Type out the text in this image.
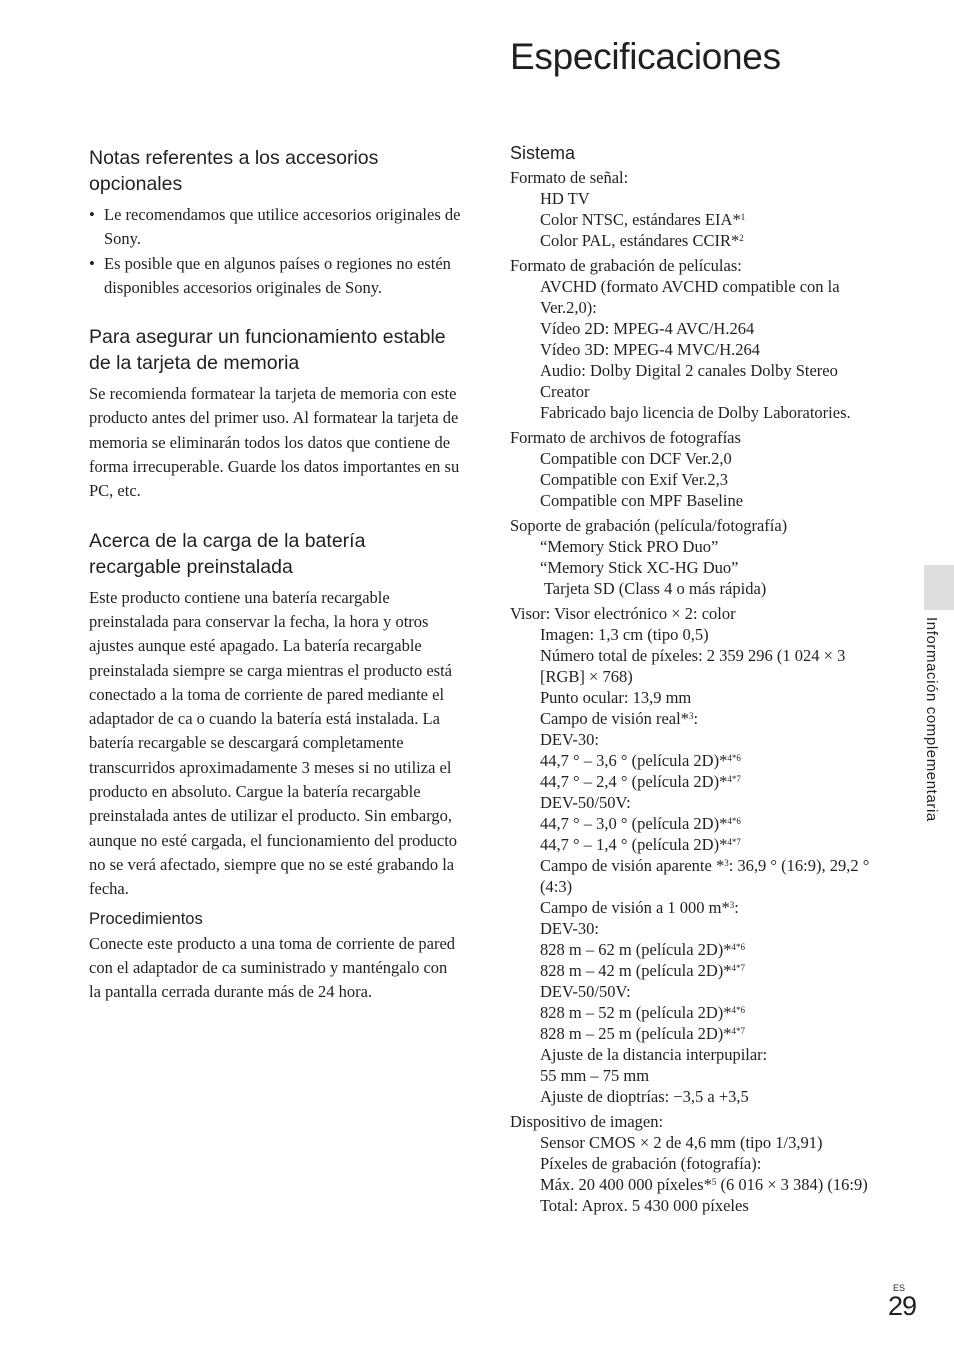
Especificaciones
Notas referentes a los accesorios opcionales
• Le recomendamos que utilice accesorios originales de Sony.
• Es posible que en algunos países o regiones no estén disponibles accesorios originales de Sony.
Para asegurar un funcionamiento estable de la tarjeta de memoria

Se recomienda formatear la tarjeta de memoria con este producto antes del primer uso. Al formatear la tarjeta de memoria se eliminarán todos los datos que contiene de forma irrecuperable. Guarde los datos importantes en su PC, etc.

Acerca de la carga de la batería recargable preinstalada

Este producto contiene una batería recargable preinstalada para conservar la fecha, la hora y otros ajustes aunque esté apagado. La batería recargable preinstalada siempre se carga mientras el producto está conectado a la toma de corriente de pared mediante el adaptador de ca o cuando la batería está instalada. La batería recargable se descargará completamente transcurridos aproximadamente 3 meses si no utiliza el producto en absoluto. Cargue la batería recargable preinstalada antes de utilizar el producto. Sin embargo, aunque no esté cargada, el funcionamiento del producto no se verá afectado, siempre que no se esté grabando la fecha.

Procedimientos

Conecte este producto a una toma de corriente de pared con el adaptador de ca suministrado y manténgalo con la pantalla cerrada durante más de 24 hora.

Sistema
Formato de señal:
HD TV
Color NTSC, estándares EIA*$^1$
Color PAL, estándares CCIR*$^2$
Formato de grabación de películas:
AVCHD (formato AVCHD compatible con la Ver.2,0):
Vídeo 2D: MPEG-4 AVC/H.264
Vídeo 3D: MPEG-4 MVC/H.264
Audio: Dolby Digital 2 canales Dolby Stereo Creator
Fabricado bajo licencia de Dolby Laboratories.
Formato de archivos de fotografías
Compatible con DCF Ver.2,0
Compatible con Exif Ver.2,3
Compatible con MPF Baseline
Soporte de grabación (película/fotografía)
“Memory Stick PRO Duo”
“Memory Stick XC-HG Duo”
Tarjeta SD (Class 4 o más rápida)
Visor: Visor electrónico × 2: color
Imagen: 1,3 cm (tipo 0,5)
Número total de píxeles: 2 359 296 (1 024 × 3 [RGB] × 768)
Punto ocular: 13,9 mm
Campo de visión real*$^3$:
DEV-30:
44,7 ° – 3,6 ° (película 2D)*$^{4*6}$
44,7 ° – 2,4 ° (película 2D)*$^{4*7}$
DEV-50/50V:
44,7 ° – 3,0 ° (película 2D)*$^{4*6}$
44,7 ° – 1,4 ° (película 2D)*$^{4*7}$
Campo de visión aparente *$^3$: 36,9 ° (16:9), 29,2 ° (4:3)
Campo de visión a 1 000 m*$^3$:
DEV-30:
828 m – 62 m (película 2D)*$^{4*6}$
828 m – 42 m (película 2D)*$^{4*7}$
DEV-50/50V:
828 m – 52 m (película 2D)*$^{4*6}$
828 m – 25 m (película 2D)*$^{4*7}$
Ajuste de la distancia interpupilar:
55 mm – 75 mm
Ajuste de dioptrías: −3,5 a +3,5
Dispositivo de imagen:
Sensor CMOS × 2 de 4,6 mm (tipo 1/3,91)
Píxeles de grabación (fotografía):
Máx. 20 400 000 píxeles*$^5$ (6 016 × 3 384) (16:9)
Total: Aprox. 5 430 000 píxeles
Información complementaria
ES
29
